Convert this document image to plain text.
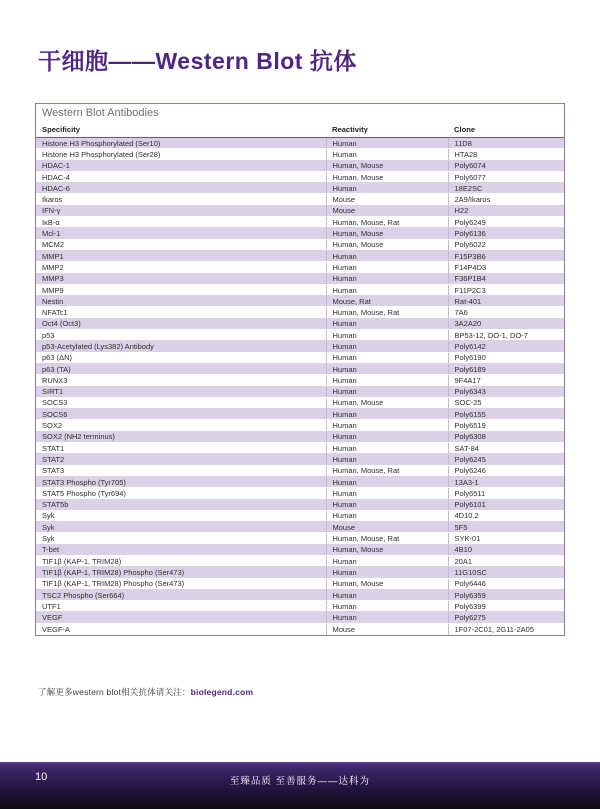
干细胞——Western Blot 抗体
Western Blot Antibodies
Specificity	Reactivity	Clone
Histone H3 Phosphorylated (Ser10)	Human	11D8
Histone H3 Phosphorylated (Ser28)	Human	HTA28
HDAC-1	Human, Mouse	Poly6074
HDAC-4	Human, Mouse	Poly6077
HDAC-6	Human	18E2SC
Ikaros	Mouse	2A9/Ikaros
IFN-γ	Mouse	H22
IκB-α	Human, Mouse, Rat	Poly6249
Mcl-1	Human, Mouse	Poly6136
MCM2	Human, Mouse	Poly6022
MMP1	Human	F15P3B6
MMP2	Human	F14P4D3
MMP3	Human	F36P1B4
MMP9	Human	F11P2C3
Nestin	Mouse, Rat	Rat-401
NFATc1	Human, Mouse, Rat	7A6
Oct4 (Oct3)	Human	3A2A20
p53	Human	BP53-12, DO-1, DO-7
p53-Acetylated (Lys382) Antibody	Human	Poly6142
p63 (ΔN)	Human	Poly6190
p63 (TA)	Human	Poly6189
RUNX3	Human	9F4A17
SIRT1	Human	Poly6343
SOCS3	Human, Mouse	SOC-25
SOCS6	Human	Poly6155
SOX2	Human	Poly6519
SOX2 (NH2 terminus)	Human	Poly6308
STAT1	Human	SAT-84
STAT2	Human	Poly6245
STAT3	Human, Mouse, Rat	Poly6246
STAT3 Phospho (Tyr705)	Human	13A3-1
STAT5 Phospho (Tyr694)	Human	Poly6511
STAT5b	Human	Poly6101
Syk	Human	4D10.2
Syk	Mouse	5F5
Syk	Human, Mouse, Rat	SYK-01
T-bet	Human, Mouse	4B10
TIF1β (KAP-1, TRIM28)	Human	20A1
TIF1β (KAP-1, TRIM28) Phospho (Ser473)	Human	11G10SC
TIF1β (KAP-1, TRIM28) Phospho (Ser473)	Human, Mouse	Poly6446
TSC2 Phospho (Ser664)	Human	Poly6359
UTF1	Human	Poly6399
VEGF	Human	Poly6275
VEGF-A	Mouse	1F07-2C01, 2G11-2A05
了解更多western blot相关抗体请关注：biolegend.com
10	至臻品质 至善服务——达科为
